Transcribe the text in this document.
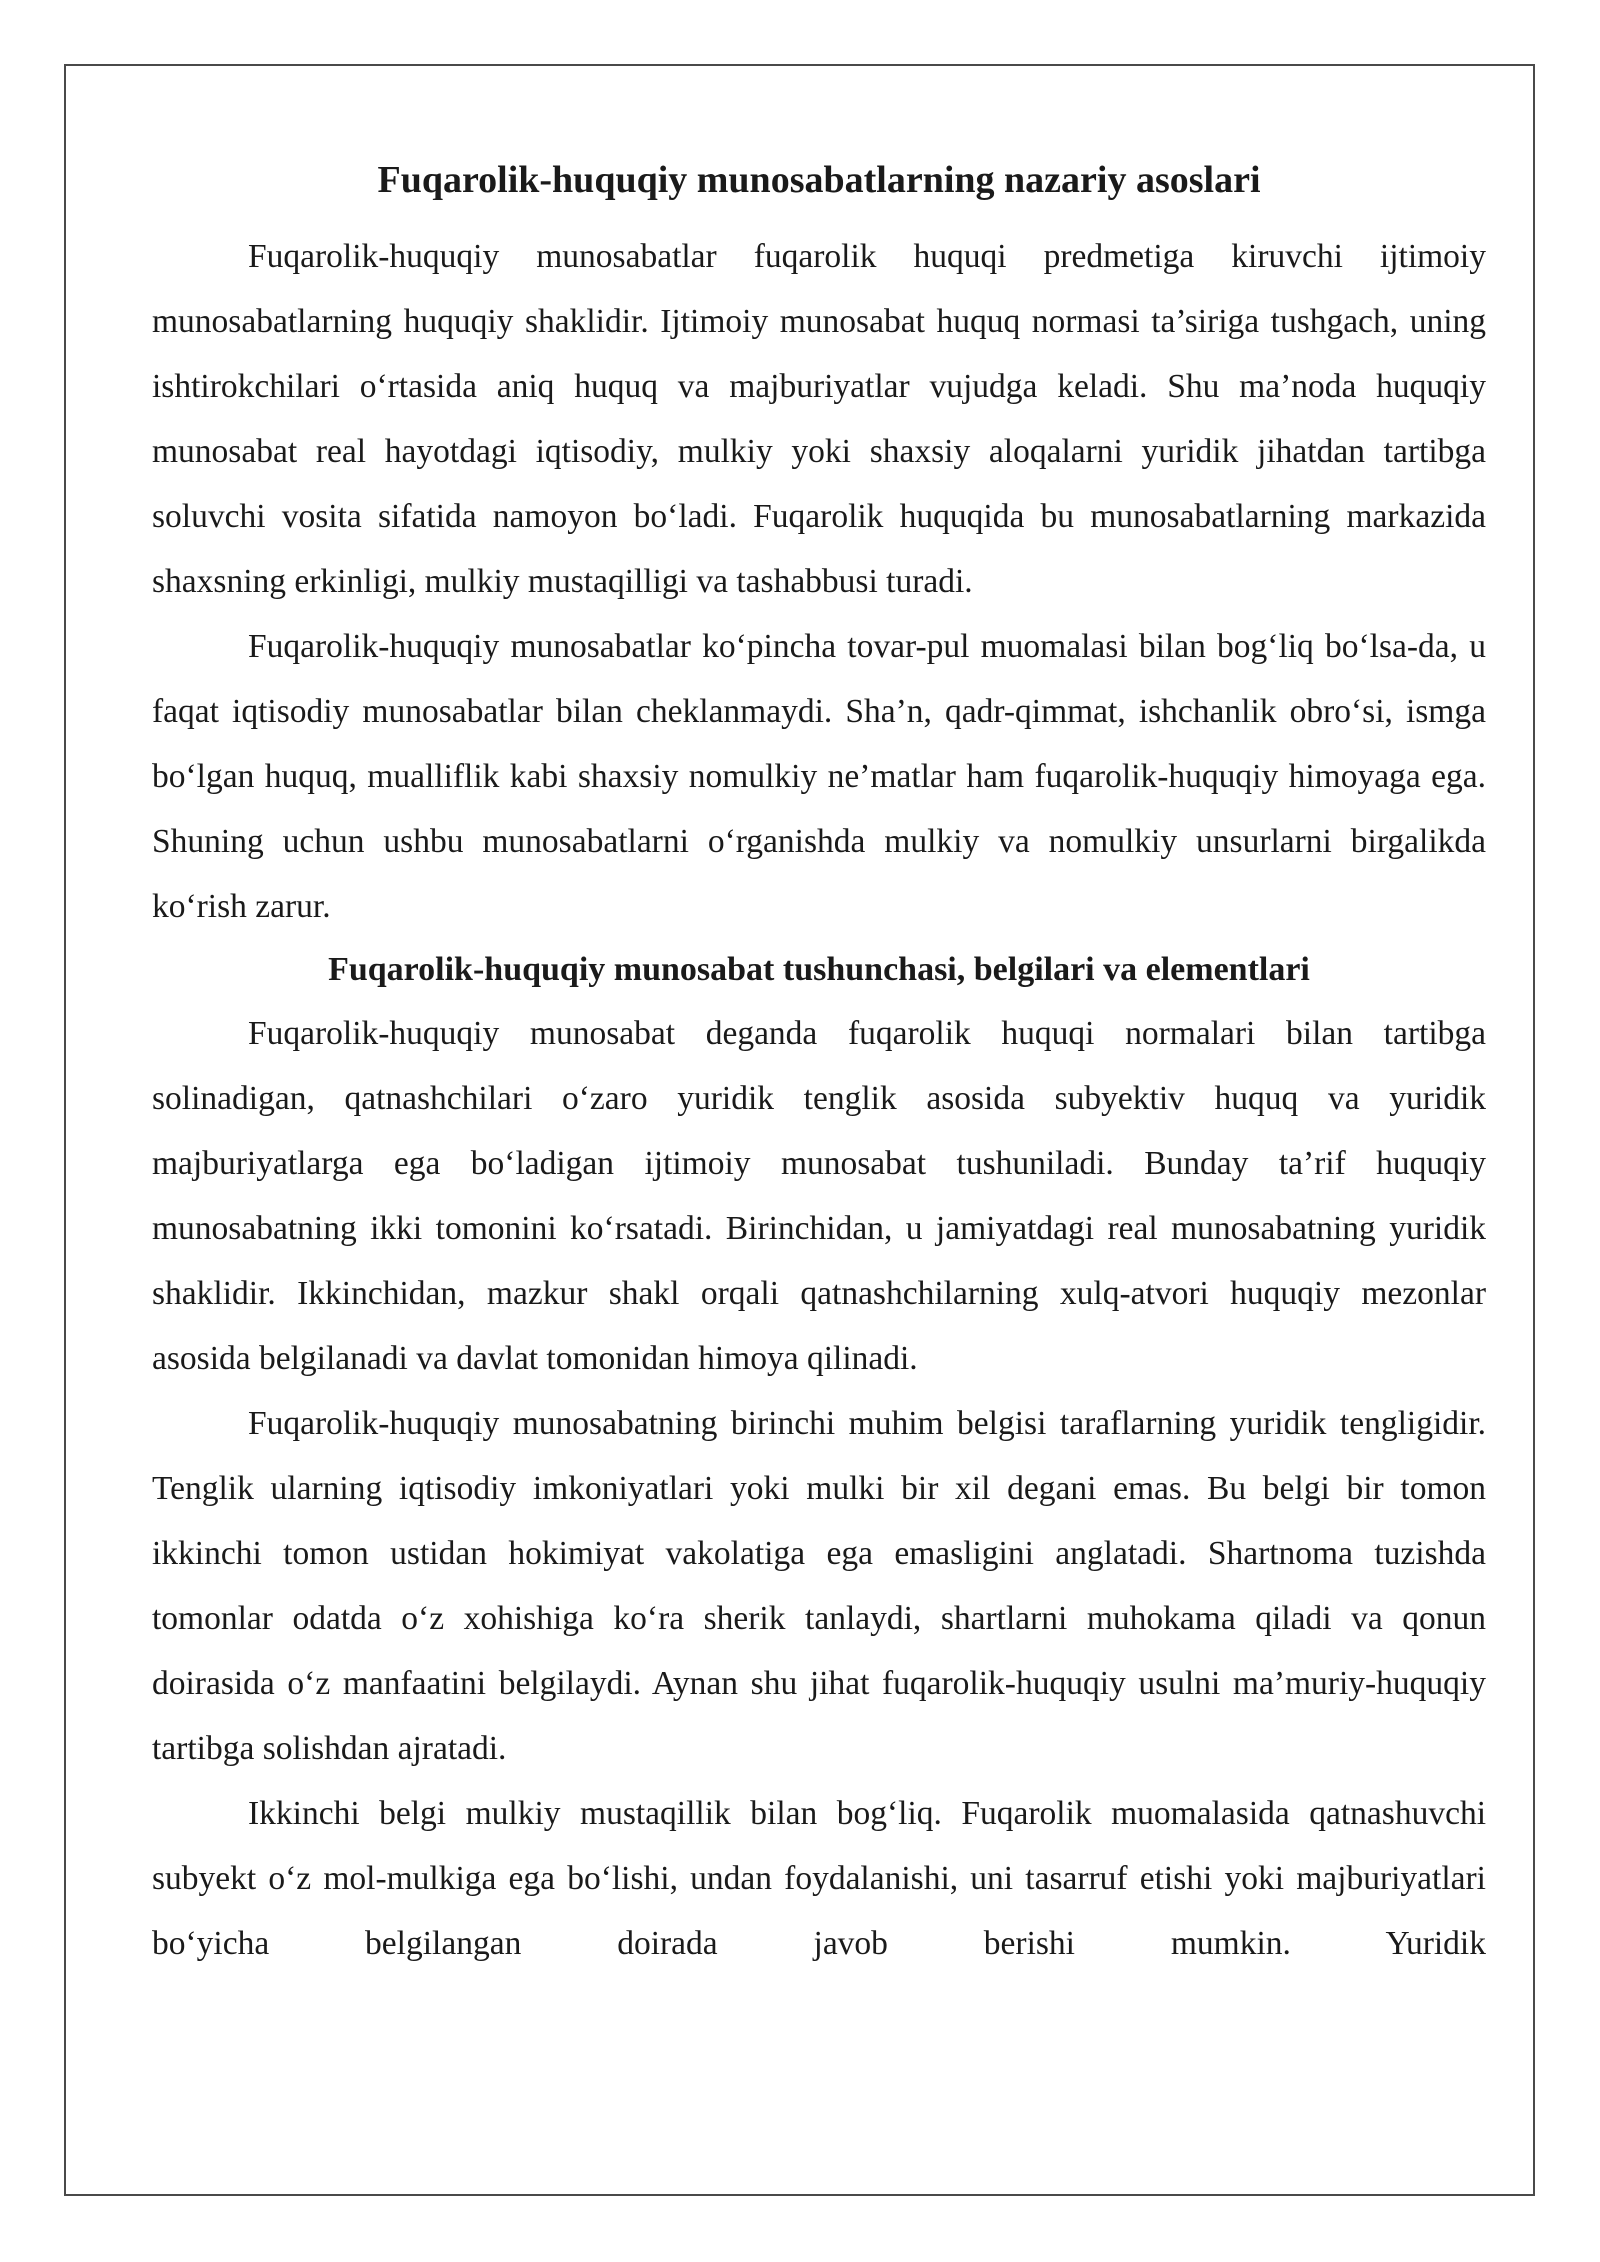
Fuqarolik-huquqiy munosabatlarning nazariy asoslari

Fuqarolik-huquqiy munosabatlar fuqarolik huquqi predmetiga kiruvchi ijtimoiy munosabatlarning huquqiy shaklidir. Ijtimoiy munosabat huquq normasi ta’siriga tushgach, uning ishtirokchilari o‘rtasida aniq huquq va majburiyatlar vujudga keladi. Shu ma’noda huquqiy munosabat real hayotdagi iqtisodiy, mulkiy yoki shaxsiy aloqalarni yuridik jihatdan tartibga soluvchi vosita sifatida namoyon bo‘ladi. Fuqarolik huquqida bu munosabatlarning markazida shaxsning erkinligi, mulkiy mustaqilligi va tashabbusi turadi.

Fuqarolik-huquqiy munosabatlar ko‘pincha tovar-pul muomalasi bilan bog‘liq bo‘lsa-da, u faqat iqtisodiy munosabatlar bilan cheklanmaydi. Sha’n, qadr-qimmat, ishchanlik obro‘si, ismga bo‘lgan huquq, mualliflik kabi shaxsiy nomulkiy ne’matlar ham fuqarolik-huquqiy himoyaga ega. Shuning uchun ushbu munosabatlarni o‘rganishda mulkiy va nomulkiy unsurlarni birgalikda ko‘rish zarur.

Fuqarolik-huquqiy munosabat tushunchasi, belgilari va elementlari

Fuqarolik-huquqiy munosabat deganda fuqarolik huquqi normalari bilan tartibga solinadigan, qatnashchilari o‘zaro yuridik tenglik asosida subyektiv huquq va yuridik majburiyatlarga ega bo‘ladigan ijtimoiy munosabat tushuniladi. Bunday ta’rif huquqiy munosabatning ikki tomonini ko‘rsatadi. Birinchidan, u jamiyatdagi real munosabatning yuridik shaklidir. Ikkinchidan, mazkur shakl orqali qatnashchilarning xulq-atvori huquqiy mezonlar asosida belgilanadi va davlat tomonidan himoya qilinadi.

Fuqarolik-huquqiy munosabatning birinchi muhim belgisi taraflarning yuridik tengligidir. Tenglik ularning iqtisodiy imkoniyatlari yoki mulki bir xil degani emas. Bu belgi bir tomon ikkinchi tomon ustidan hokimiyat vakolatiga ega emasligini anglatadi. Shartnoma tuzishda tomonlar odatda o‘z xohishiga ko‘ra sherik tanlaydi, shartlarni muhokama qiladi va qonun doirasida o‘z manfaatini belgilaydi. Aynan shu jihat fuqarolik-huquqiy usulni ma’muriy-huquqiy tartibga solishdan ajratadi.

Ikkinchi belgi mulkiy mustaqillik bilan bog‘liq. Fuqarolik muomalasida qatnashuvchi subyekt o‘z mol-mulkiga ega bo‘lishi, undan foydalanishi, uni tasarruf etishi yoki majburiyatlari bo‘yicha belgilangan doirada javob berishi mumkin. Yuridik
